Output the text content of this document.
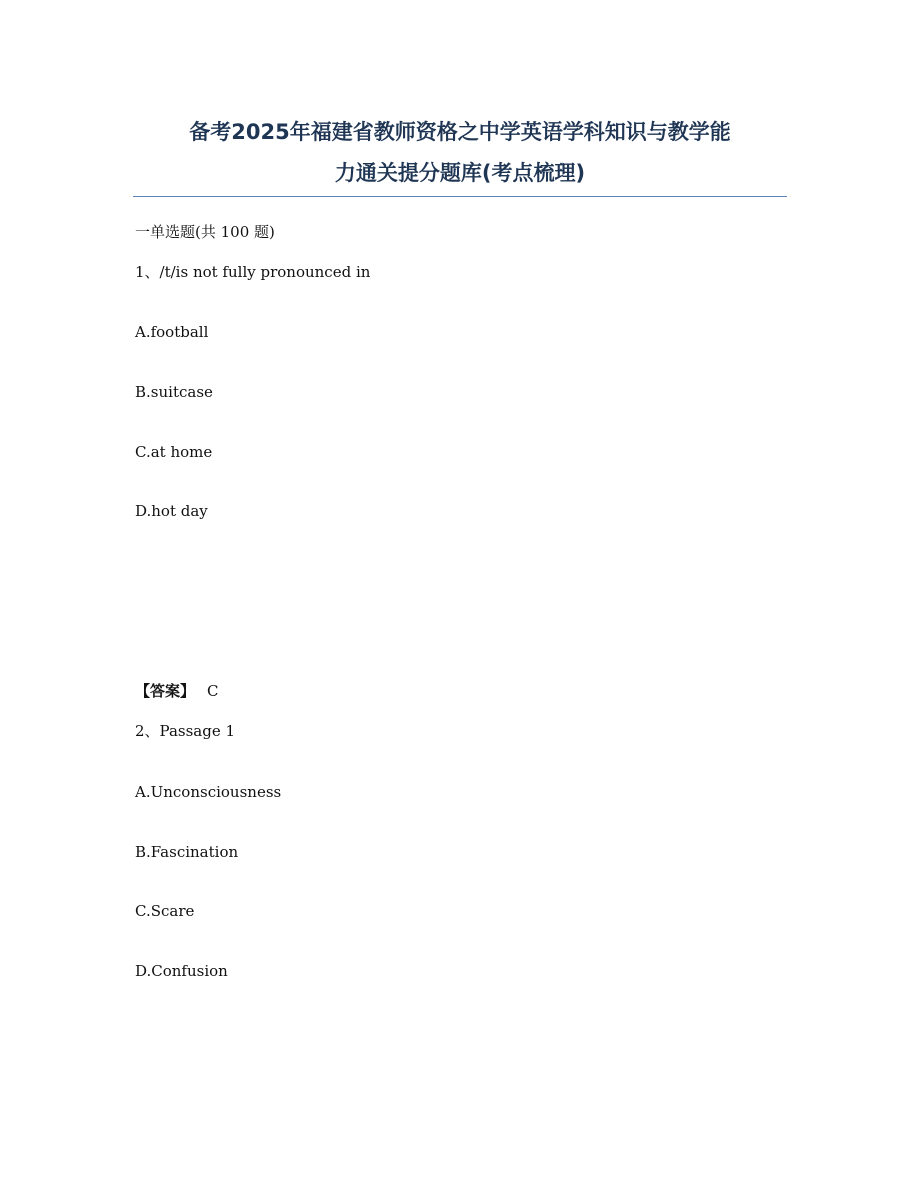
备考2025年福建省教师资格之中学英语学科知识与教学能
力通关提分题库(考点梳理)
一单选题(共 100 题)
1、/t/is not fully pronounced in
A.football
B.suitcase
C.at home
D.hot day
【答案】 C
2、Passage 1
A.Unconsciousness
B.Fascination
C.Scare
D.Confusion
